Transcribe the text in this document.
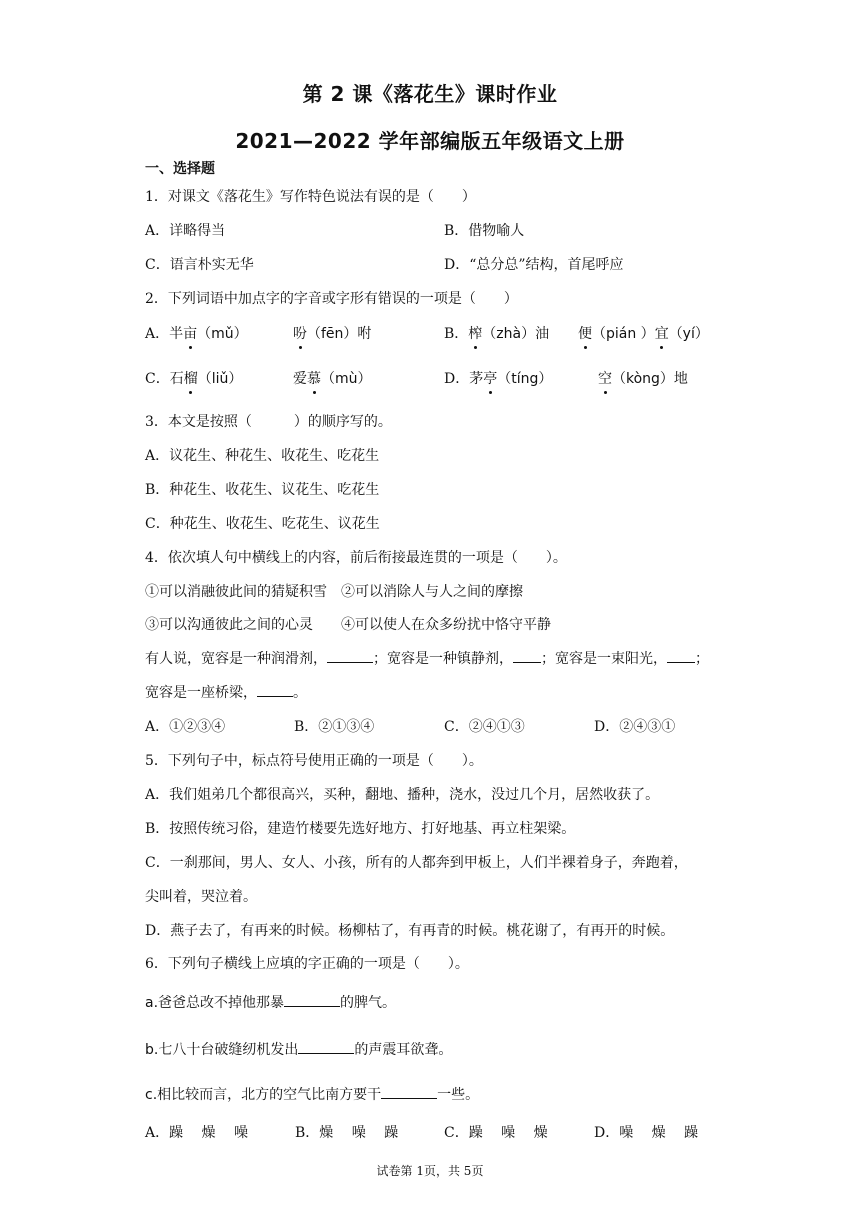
第 2 课《落花生》课时作业
2021—2022 学年部编版五年级语文上册
一、选择题
1．对课文《落花生》写作特色说法有误的是（　　）
A．详略得当	B．借物喻人
C．语言朴实无华	D．“总分总”结构，首尾呼应
2．下列词语中加点字的字音或字形有错误的一项是（　　）
A．半亩（mǔ）	吩（fēn）咐	B．榨（zhà）油 便（pián ）宜（yí）
C．石榴（liǔ）	爱慕（mù）	D．茅亭（tíng）	空（kòng）地
3．本文是按照（　　　）的顺序写的。
A．议花生、种花生、收花生、吃花生
B．种花生、收花生、议花生、吃花生
C．种花生、收花生、吃花生、议花生
4．依次填人句中横线上的内容，前后衔接最连贯的一项是（　　）。
①可以消融彼此间的猜疑积雪　②可以消除人与人之间的摩擦
③可以沟通彼此之间的心灵　　④可以使人在众多纷扰中恪守平静
有人说，宽容是一种润滑剂，	；宽容是一种镇静剂， ；宽容是一束阳光， ；
宽容是一座桥梁，	。
A．①②③④	B．②①③④	C．②④①③	D．②④③①
5．下列句子中，标点符号使用正确的一项是（　　）。
A．我们姐弟几个都很高兴，买种，翻地、播种，浇水，没过几个月，居然收获了。
B．按照传统习俗，建造竹楼要先选好地方、打好地基、再立柱架梁。
C．一刹那间，男人、女人、小孩，所有的人都奔到甲板上，人们半裸着身子，奔跑着，
尖叫着，哭泣着。
D．燕子去了，有再来的时候。杨柳枯了，有再青的时候。桃花谢了，有再开的时候。
6．下列句子横线上应填的字正确的一项是（　　）。
a.爸爸总改不掉他那暴	的脾气。
b.七八十台破缝纫机发出	的声震耳欲聋。
c.相比较而言，北方的空气比南方要干	一些。
A．躁　 燥　 噪	B．燥　 噪　 躁	C．躁　 噪　 燥	D．噪　 燥　 躁
试卷第 1页，共 5页
